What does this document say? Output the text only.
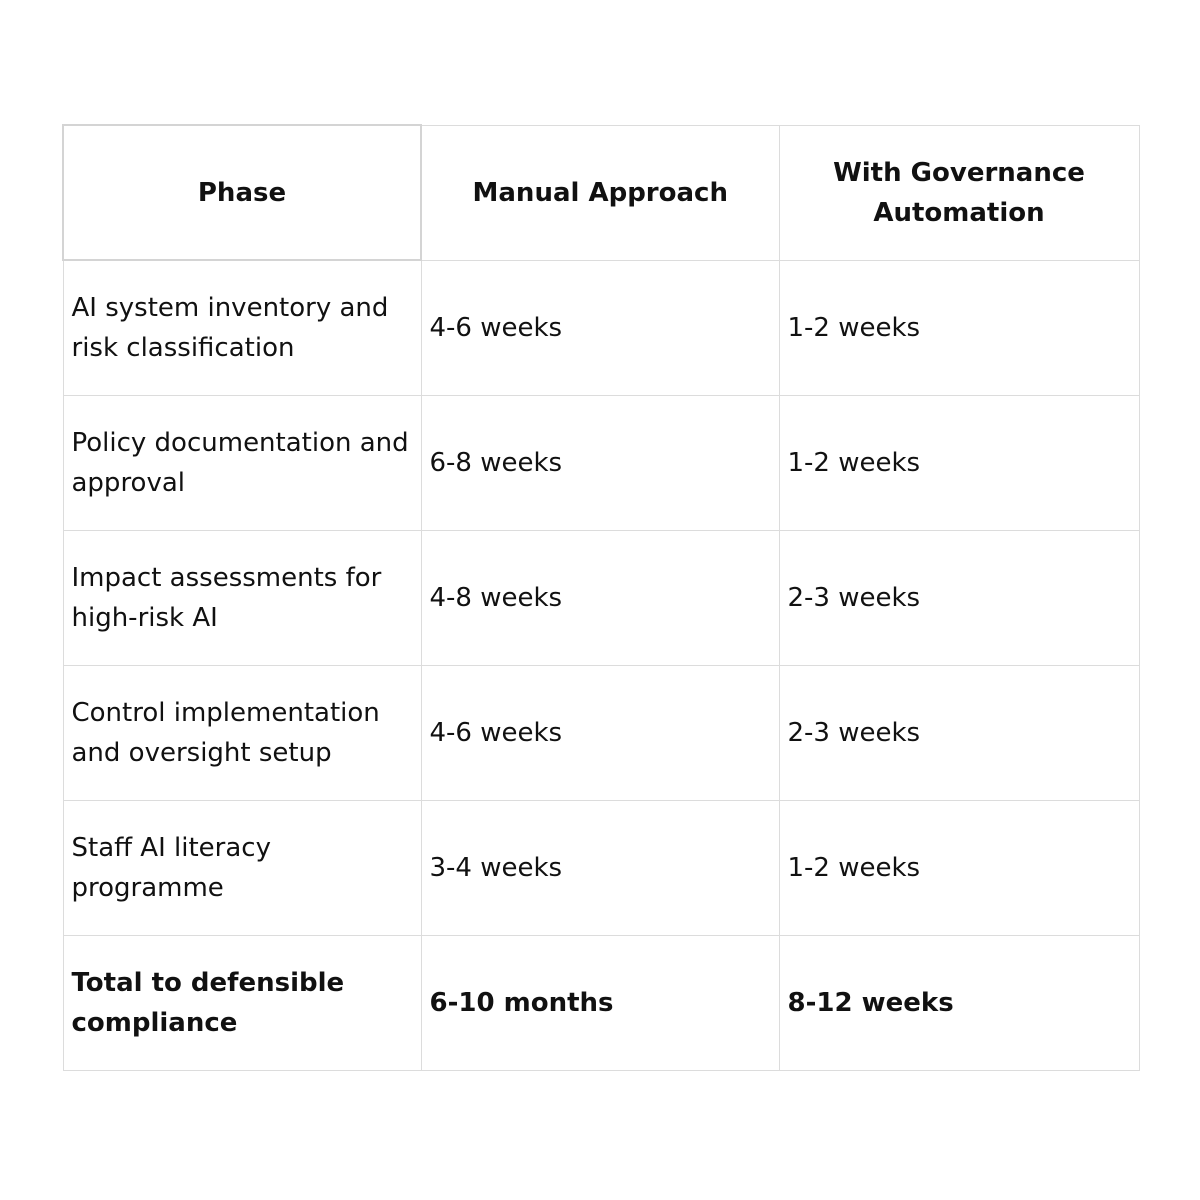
Phase	Manual Approach	With Governance Automation
AI system inventory and risk classification	4-6 weeks	1-2 weeks
Policy documentation and approval	6-8 weeks	1-2 weeks
Impact assessments for high-risk AI	4-8 weeks	2-3 weeks
Control implementation and oversight setup	4-6 weeks	2-3 weeks
Staff AI literacy programme	3-4 weeks	1-2 weeks
Total to defensible compliance	6-10 months	8-12 weeks
